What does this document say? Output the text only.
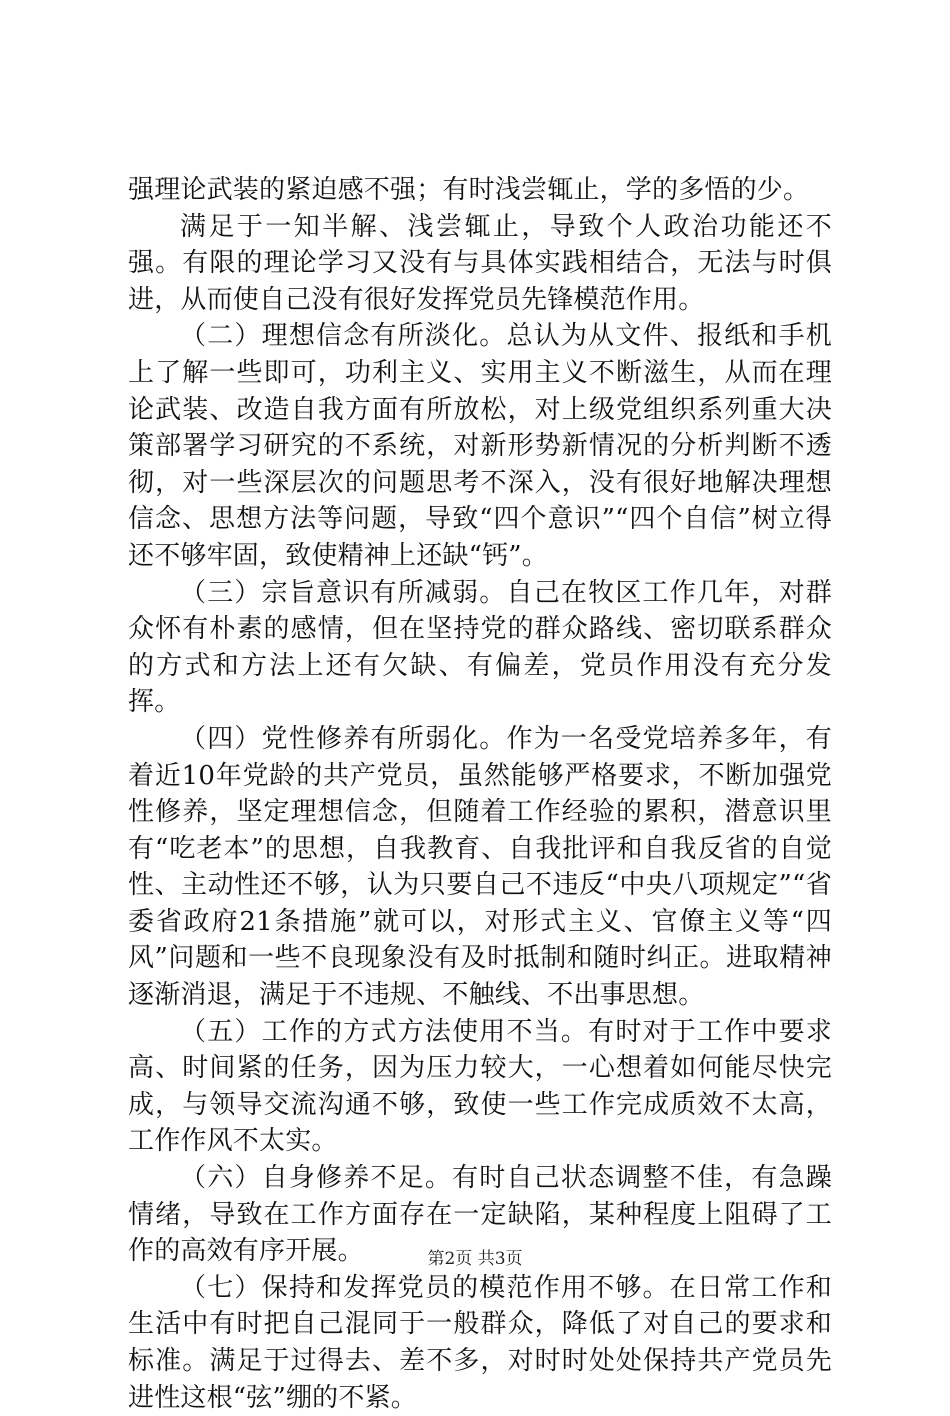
强理论武装的紧迫感不强；有时浅尝辄止，学的多悟的少。

满足于一知半解、浅尝辄止，导致个人政治功能还不强。有限的理论学习又没有与具体实践相结合，无法与时俱进，从而使自己没有很好发挥党员先锋模范作用。

（二）理想信念有所淡化。总认为从文件、报纸和手机上了解一些即可，功利主义、实用主义不断滋生，从而在理论武装、改造自我方面有所放松，对上级党组织系列重大决策部署学习研究的不系统，对新形势新情况的分析判断不透彻，对一些深层次的问题思考不深入，没有很好地解决理想信念、思想方法等问题，导致“四个意识”“四个自信”树立得还不够牢固，致使精神上还缺“钙”。

（三）宗旨意识有所减弱。自己在牧区工作几年，对群众怀有朴素的感情，但在坚持党的群众路线、密切联系群众的方式和方法上还有欠缺、有偏差，党员作用没有充分发挥。

（四）党性修养有所弱化。作为一名受党培养多年，有着近10年党龄的共产党员，虽然能够严格要求，不断加强党性修养，坚定理想信念，但随着工作经验的累积，潜意识里有“吃老本”的思想，自我教育、自我批评和自我反省的自觉性、主动性还不够，认为只要自己不违反“中央八项规定”“省委省政府21条措施”就可以，对形式主义、官僚主义等“四风”问题和一些不良现象没有及时抵制和随时纠正。进取精神逐渐消退，满足于不违规、不触线、不出事思想。

（五）工作的方式方法使用不当。有时对于工作中要求高、时间紧的任务，因为压力较大，一心想着如何能尽快完成，与领导交流沟通不够，致使一些工作完成质效不太高，工作作风不太实。

（六）自身修养不足。有时自己状态调整不佳，有急躁情绪，导致在工作方面存在一定缺陷，某种程度上阻碍了工作的高效有序开展。

（七）保持和发挥党员的模范作用不够。在日常工作和生活中有时把自己混同于一般群众，降低了对自己的要求和标准。满足于过得去、差不多，对时时处处保持共产党员先进性这根“弦”绷的不紧。

第2页 共3页
